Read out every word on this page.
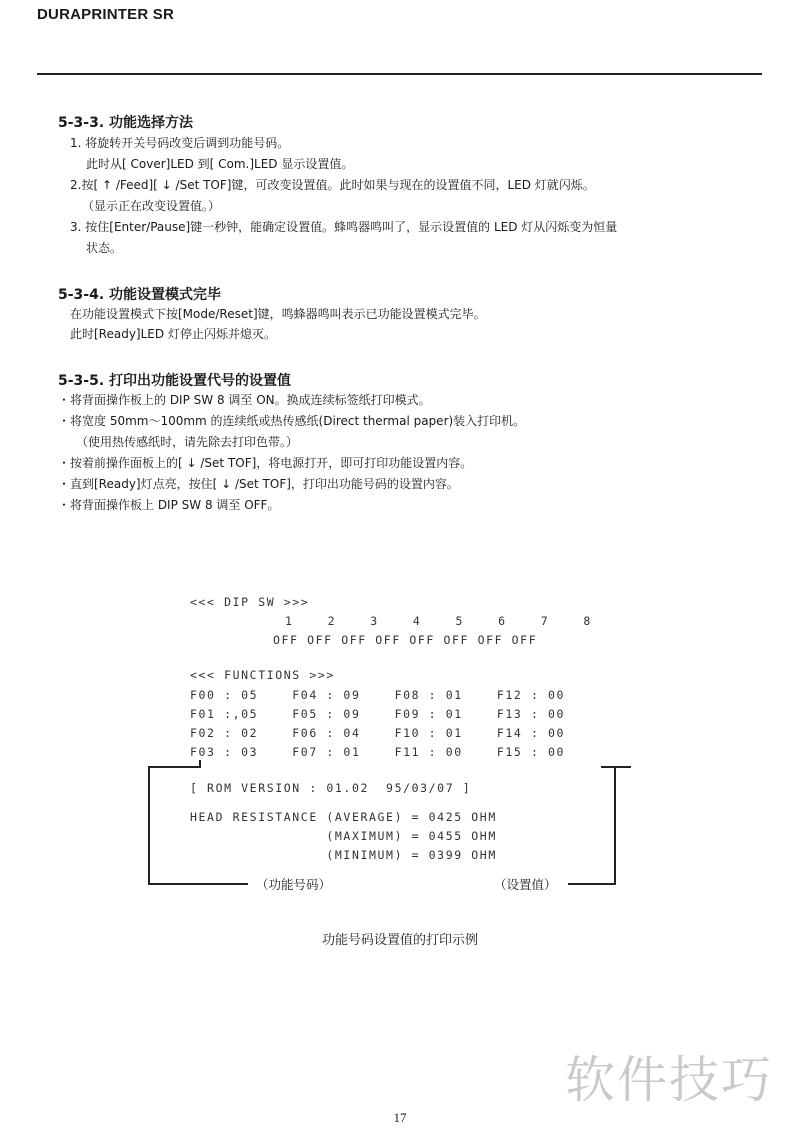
DURAPRINTER SR
5-3-3. 功能选择方法
1. 将旋转开关号码改变后调到功能号码。
此时从[ Cover]LED 到[ Com.]LED 显示设置值。
2.按[ ↑ /Feed][ ↓ /Set TOF]键，可改变设置值。此时如果与现在的设置值不同，LED 灯就闪烁。
（显示正在改变设置值。）
3. 按住[Enter/Pause]键一秒钟，能确定设置值。蜂鸣器鸣叫了，显示设置值的 LED 灯从闪烁变为恒量
状态。
5-3-4. 功能设置模式完毕
在功能设置模式下按[Mode/Reset]键，鸣蜂器鸣叫表示已功能设置模式完毕。
此时[Ready]LED 灯停止闪烁并熄灭。
5-3-5. 打印出功能设置代号的设置值
・将背面操作板上的 DIP SW 8 调至 ON。换成连续标签纸打印模式。
・将宽度 50mm～100mm 的连续纸或热传感纸(Direct thermal paper)装入打印机。
（使用热传感纸时，请先除去打印色带。）
・按着前操作面板上的[ ↓ /Set TOF]，将电源打开，即可打印功能设置内容。
・直到[Ready]灯点亮，按住[ ↓ /Set TOF]，打印出功能号码的设置内容。
・将背面操作板上 DIP SW 8 调至 OFF。
<<< DIP SW >>>
1    2    3    4    5    6    7    8
OFF OFF OFF OFF OFF OFF OFF OFF
<<< FUNCTIONS >>>
F00 : 05    F04 : 09    F08 : 01    F12 : 00
F01 :,05    F05 : 09    F09 : 01    F13 : 00
F02 : 02    F06 : 04    F10 : 01    F14 : 00
F03 : 03    F07 : 01    F11 : 00    F15 : 00
[ ROM VERSION : 01.02  95/03/07 ]
HEAD RESISTANCE (AVERAGE) = 0425 OHM
(MAXIMUM) = 0455 OHM
(MINIMUM) = 0399 OHM
（功能号码）	（设置值）
功能号码设置值的打印示例
软件技巧
17
